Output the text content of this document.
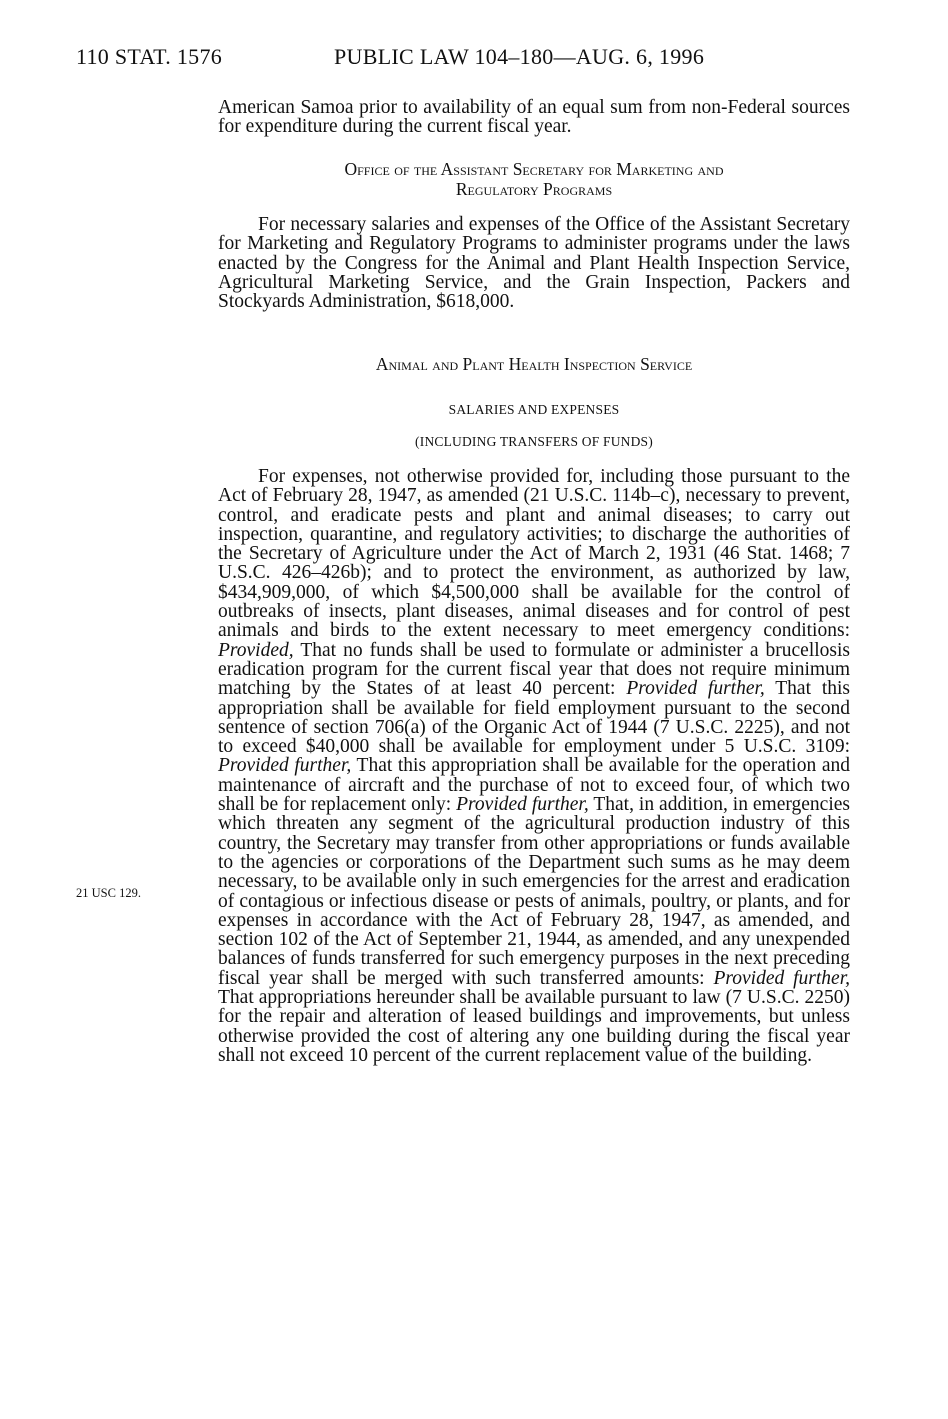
110 STAT. 1576	PUBLIC LAW 104–180—AUG. 6, 1996

American Samoa prior to availability of an equal sum from non-Federal sources for expenditure during the current fiscal year.

Office of the Assistant Secretary for Marketing and
Regulatory Programs

For necessary salaries and expenses of the Office of the Assistant Secretary for Marketing and Regulatory Programs to administer programs under the laws enacted by the Congress for the Animal and Plant Health Inspection Service, Agricultural Marketing Service, and the Grain Inspection, Packers and Stockyards Administration, $618,000.

Animal and Plant Health Inspection Service
SALARIES AND EXPENSES
(INCLUDING TRANSFERS OF FUNDS)
21 USC 129.

For expenses, not otherwise provided for, including those pursuant to the Act of February 28, 1947, as amended (21 U.S.C. 114b–c), necessary to prevent, control, and eradicate pests and plant and animal diseases; to carry out inspection, quarantine, and regulatory activities; to discharge the authorities of the Secretary of Agriculture under the Act of March 2, 1931 (46 Stat. 1468; 7 U.S.C. 426–426b); and to protect the environment, as authorized by law, $434,909,000, of which $4,500,000 shall be available for the control of outbreaks of insects, plant diseases, animal diseases and for control of pest animals and birds to the extent necessary to meet emergency conditions: Provided, That no funds shall be used to formulate or administer a brucellosis eradication program for the current fiscal year that does not require minimum matching by the States of at least 40 percent: Provided further, That this appropriation shall be available for field employment pursuant to the second sentence of section 706(a) of the Organic Act of 1944 (7 U.S.C. 2225), and not to exceed $40,000 shall be available for employment under 5 U.S.C. 3109: Provided further, That this appropriation shall be available for the operation and maintenance of aircraft and the purchase of not to exceed four, of which two shall be for replacement only: Provided further, That, in addition, in emergencies which threaten any segment of the agricultural production industry of this country, the Secretary may transfer from other appropriations or funds available to the agencies or corporations of the Department such sums as he may deem necessary, to be available only in such emergencies for the arrest and eradication of contagious or infectious disease or pests of animals, poultry, or plants, and for expenses in accordance with the Act of February 28, 1947, as amended, and section 102 of the Act of September 21, 1944, as amended, and any unexpended balances of funds transferred for such emergency purposes in the next preceding fiscal year shall be merged with such transferred amounts: Provided further, That appropriations hereunder shall be available pursuant to law (7 U.S.C. 2250) for the repair and alteration of leased buildings and improvements, but unless otherwise provided the cost of altering any one building during the fiscal year shall not exceed 10 percent of the current replacement value of the building.
